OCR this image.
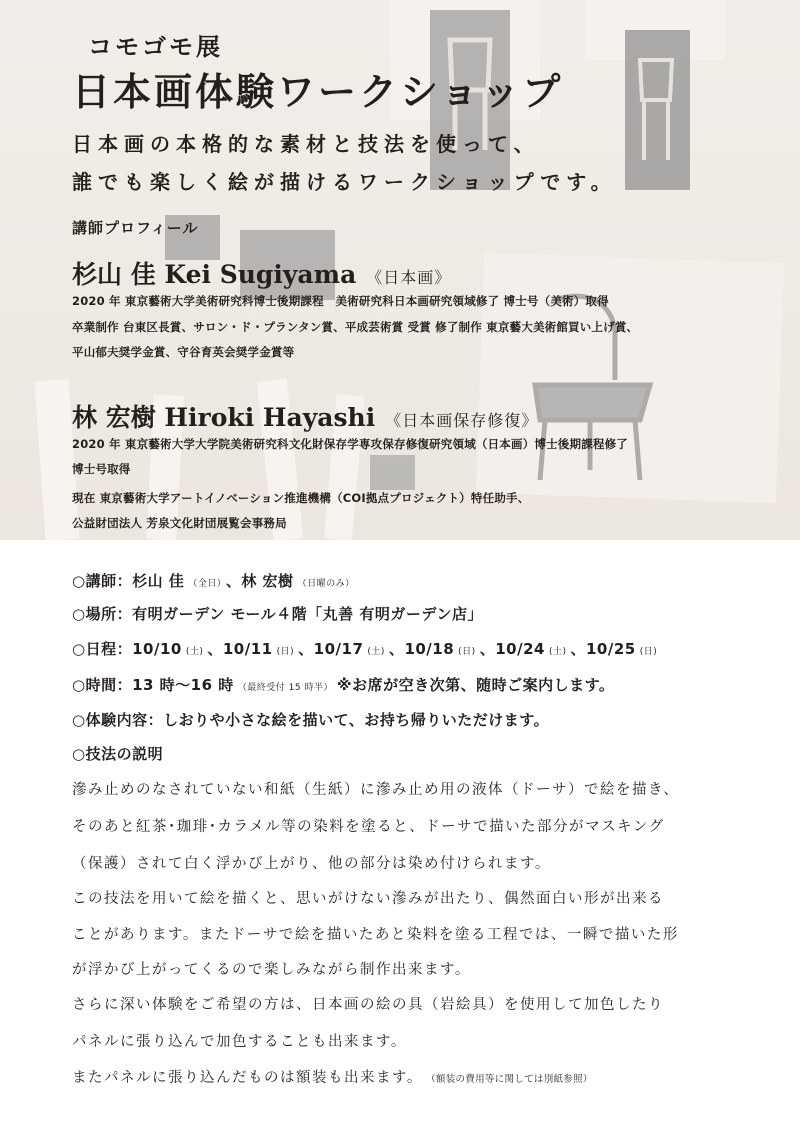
コモゴモ展
日本画体験ワークショップ
日本画の本格的な素材と技法を使って、
誰でも楽しく絵が描けるワークショップです。
講師プロフィール
杉山 佳 Kei Sugiyama 《日本画》
2020 年 東京藝術大学美術研究科博士後期課程　美術研究科日本画研究領域修了 博士号（美術）取得
卒業制作 台東区長賞、サロン・ド・プランタン賞、平成芸術賞 受賞 修了制作 東京藝大美術館買い上げ賞、
平山郁夫奨学金賞、守谷育英会奨学金賞等
林 宏樹 Hiroki Hayashi 《日本画保存修復》
2020 年 東京藝術大学大学院美術研究科文化財保存学専攻保存修復研究領域（日本画）博士後期課程修了
博士号取得
現在 東京藝術大学アートイノベーション推進機構（COI拠点プロジェクト）特任助手、
公益財団法人 芳泉文化財団展覧会事務局
○講師：杉山 佳 （全日） 、林 宏樹 （日曜のみ）
○場所：有明ガーデン モール４階「丸善 有明ガーデン店」
○日程：10/10 (土) 、10/11 (日) 、10/17 (土) 、10/18 (日) 、10/24 (土) 、10/25 (日)
○時間：13 時～16 時 （最終受付 15 時半） ※お席が空き次第、随時ご案内します。
○体験内容：しおりや小さな絵を描いて、お持ち帰りいただけます。
○技法の説明
滲み止めのなされていない和紙（生紙）に滲み止め用の液体（ドーサ）で絵を描き、
そのあと紅茶･珈琲･カラメル等の染料を塗ると、ドーサで描いた部分がマスキング
（保護）されて白く浮かび上がり、他の部分は染め付けられます。
この技法を用いて絵を描くと、思いがけない滲みが出たり、偶然面白い形が出来る
ことがあります。またドーサで絵を描いたあと染料を塗る工程では、一瞬で描いた形
が浮かび上がってくるので楽しみながら制作出来ます。
さらに深い体験をご希望の方は、日本画の絵の具（岩絵具）を使用して加色したり
パネルに張り込んで加色することも出来ます。
またパネルに張り込んだものは額装も出来ます。 （額装の費用等に関しては別紙参照）
